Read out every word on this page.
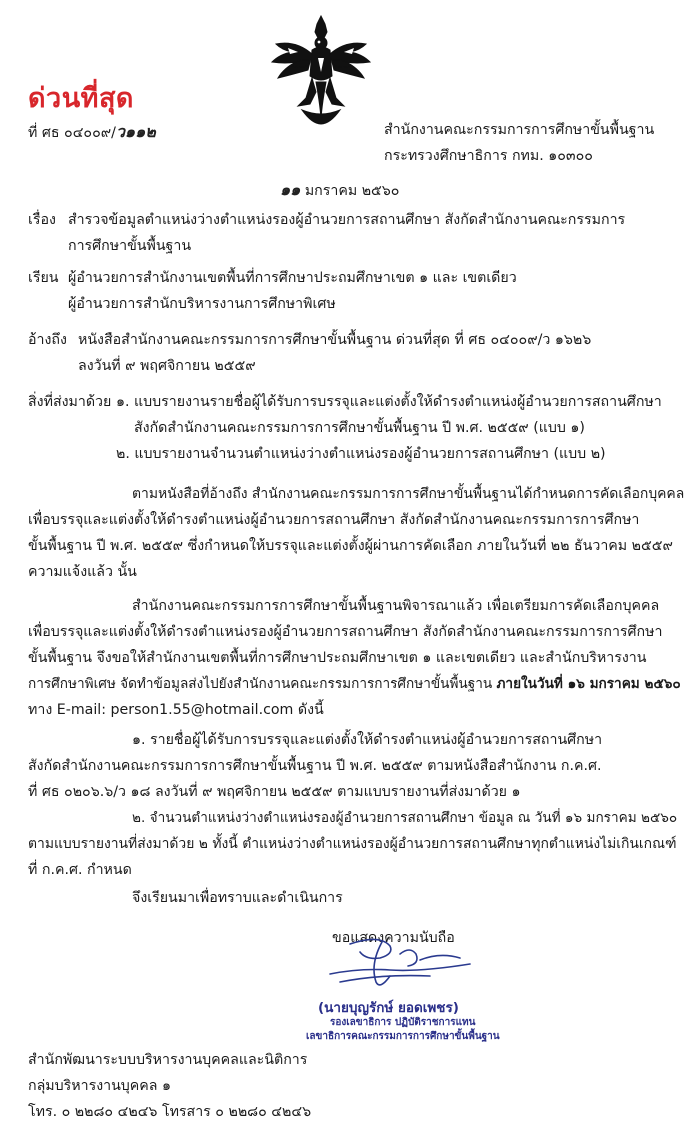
ด่วนที่สุด
ที่ ศธ ๐๔๐๐๙/ว๑๑๒	สำนักงานคณะกรรมการการศึกษาขั้นพื้นฐาน
กระทรวงศึกษาธิการ กทม. ๑๐๓๐๐
๑๑ มกราคม ๒๕๖๐
เรื่อง สำรวจข้อมูลตำแหน่งว่างตำแหน่งรองผู้อำนวยการสถานศึกษา สังกัดสำนักงานคณะกรรมการ
การศึกษาขั้นพื้นฐาน
เรียน ผู้อำนวยการสำนักงานเขตพื้นที่การศึกษาประถมศึกษาเขต ๑ และ เขตเดียว
ผู้อำนวยการสำนักบริหารงานการศึกษาพิเศษ
อ้างถึง หนังสือสำนักงานคณะกรรมการการศึกษาขั้นพื้นฐาน ด่วนที่สุด ที่ ศธ ๐๔๐๐๙/ว ๑๖๒๖
ลงวันที่ ๙ พฤศจิกายน ๒๕๕๙
สิ่งที่ส่งมาด้วย ๑. แบบรายงานรายชื่อผู้ได้รับการบรรจุและแต่งตั้งให้ดำรงตำแหน่งผู้อำนวยการสถานศึกษา
สังกัดสำนักงานคณะกรรมการการศึกษาขั้นพื้นฐาน ปี พ.ศ. ๒๕๕๙ (แบบ ๑)
๒. แบบรายงานจำนวนตำแหน่งว่างตำแหน่งรองผู้อำนวยการสถานศึกษา (แบบ ๒)
ตามหนังสือที่อ้างถึง สำนักงานคณะกรรมการการศึกษาขั้นพื้นฐานได้กำหนดการคัดเลือกบุคคล
เพื่อบรรจุและแต่งตั้งให้ดำรงตำแหน่งผู้อำนวยการสถานศึกษา สังกัดสำนักงานคณะกรรมการการศึกษา
ขั้นพื้นฐาน ปี พ.ศ. ๒๕๕๙ ซึ่งกำหนดให้บรรจุและแต่งตั้งผู้ผ่านการคัดเลือก ภายในวันที่ ๒๒ ธันวาคม ๒๕๕๙
ความแจ้งแล้ว นั้น
สำนักงานคณะกรรมการการศึกษาขั้นพื้นฐานพิจารณาแล้ว เพื่อเตรียมการคัดเลือกบุคคล
เพื่อบรรจุและแต่งตั้งให้ดำรงตำแหน่งรองผู้อำนวยการสถานศึกษา สังกัดสำนักงานคณะกรรมการการศึกษา
ขั้นพื้นฐาน จึงขอให้สำนักงานเขตพื้นที่การศึกษาประถมศึกษาเขต ๑ และเขตเดียว และสำนักบริหารงาน
การศึกษาพิเศษ จัดทำข้อมูลส่งไปยังสำนักงานคณะกรรมการการศึกษาขั้นพื้นฐาน ภายในวันที่ ๑๖ มกราคม ๒๕๖๐
ทาง E-mail: person1.55@hotmail.com ดังนี้
๑. รายชื่อผู้ได้รับการบรรจุและแต่งตั้งให้ดำรงตำแหน่งผู้อำนวยการสถานศึกษา
สังกัดสำนักงานคณะกรรมการการศึกษาขั้นพื้นฐาน ปี พ.ศ. ๒๕๕๙ ตามหนังสือสำนักงาน ก.ค.ศ.
ที่ ศธ ๐๒๐๖.๖/ว ๑๘ ลงวันที่ ๙ พฤศจิกายน ๒๕๕๙ ตามแบบรายงานที่ส่งมาด้วย ๑
๒. จำนวนตำแหน่งว่างตำแหน่งรองผู้อำนวยการสถานศึกษา ข้อมูล ณ วันที่ ๑๖ มกราคม ๒๕๖๐
ตามแบบรายงานที่ส่งมาด้วย ๒ ทั้งนี้ ตำแหน่งว่างตำแหน่งรองผู้อำนวยการสถานศึกษาทุกตำแหน่งไม่เกินเกณฑ์
ที่ ก.ค.ศ. กำหนด
จึงเรียนมาเพื่อทราบและดำเนินการ
ขอแสดงความนับถือ
(นายบุญรักษ์ ยอดเพชร)
รองเลขาธิการ ปฏิบัติราชการแทน
เลขาธิการคณะกรรมการการศึกษาขั้นพื้นฐาน
สำนักพัฒนาระบบบริหารงานบุคคลและนิติการ
กลุ่มบริหารงานบุคคล ๑
โทร. ๐ ๒๒๘๐ ๔๒๔๖ โทรสาร ๐ ๒๒๘๐ ๔๒๔๖
